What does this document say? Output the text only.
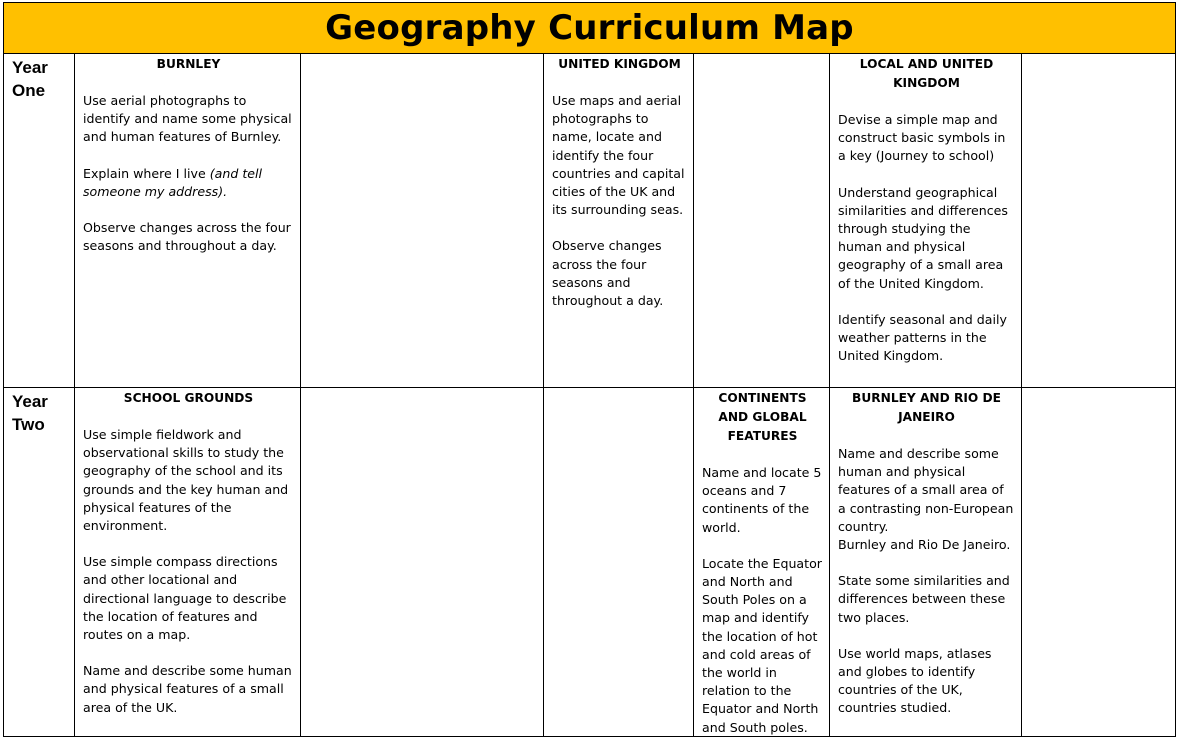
Geography Curriculum Map
Year
One
BURNLEY
Use aerial photographs to identify and name some physical and human features of Burnley.
Explain where I live (and tell someone my address).
Observe changes across the four seasons and throughout a day.
UNITED KINGDOM
Use maps and aerial photographs to name, locate and identify the four countries and capital cities of the UK and its surrounding seas.
Observe changes across the four seasons and throughout a day.
LOCAL AND UNITED KINGDOM
Devise a simple map and construct basic symbols in a key (Journey to school)
Understand geographical similarities and differences through studying the human and physical geography of a small area of the United Kingdom.
Identify seasonal and daily weather patterns in the United Kingdom.
Year
Two
SCHOOL GROUNDS
Use simple fieldwork and observational skills to study the geography of the school and its grounds and the key human and physical features of the environment.
Use simple compass directions and other locational and directional language to describe the location of features and routes on a map.
Name and describe some human and physical features of a small area of the UK.
CONTINENTS AND GLOBAL FEATURES
Name and locate 5 oceans and 7 continents of the world.
Locate the Equator and North and South Poles on a map and identify the location of hot and cold areas of the world in relation to the Equator and North and South poles.
BURNLEY AND RIO DE JANEIRO
Name and describe some human and physical features of a small area of a contrasting non-European country.
Burnley and Rio De Janeiro.
State some similarities and differences between these two places.
Use world maps, atlases and globes to identify countries of the UK, countries studied.
